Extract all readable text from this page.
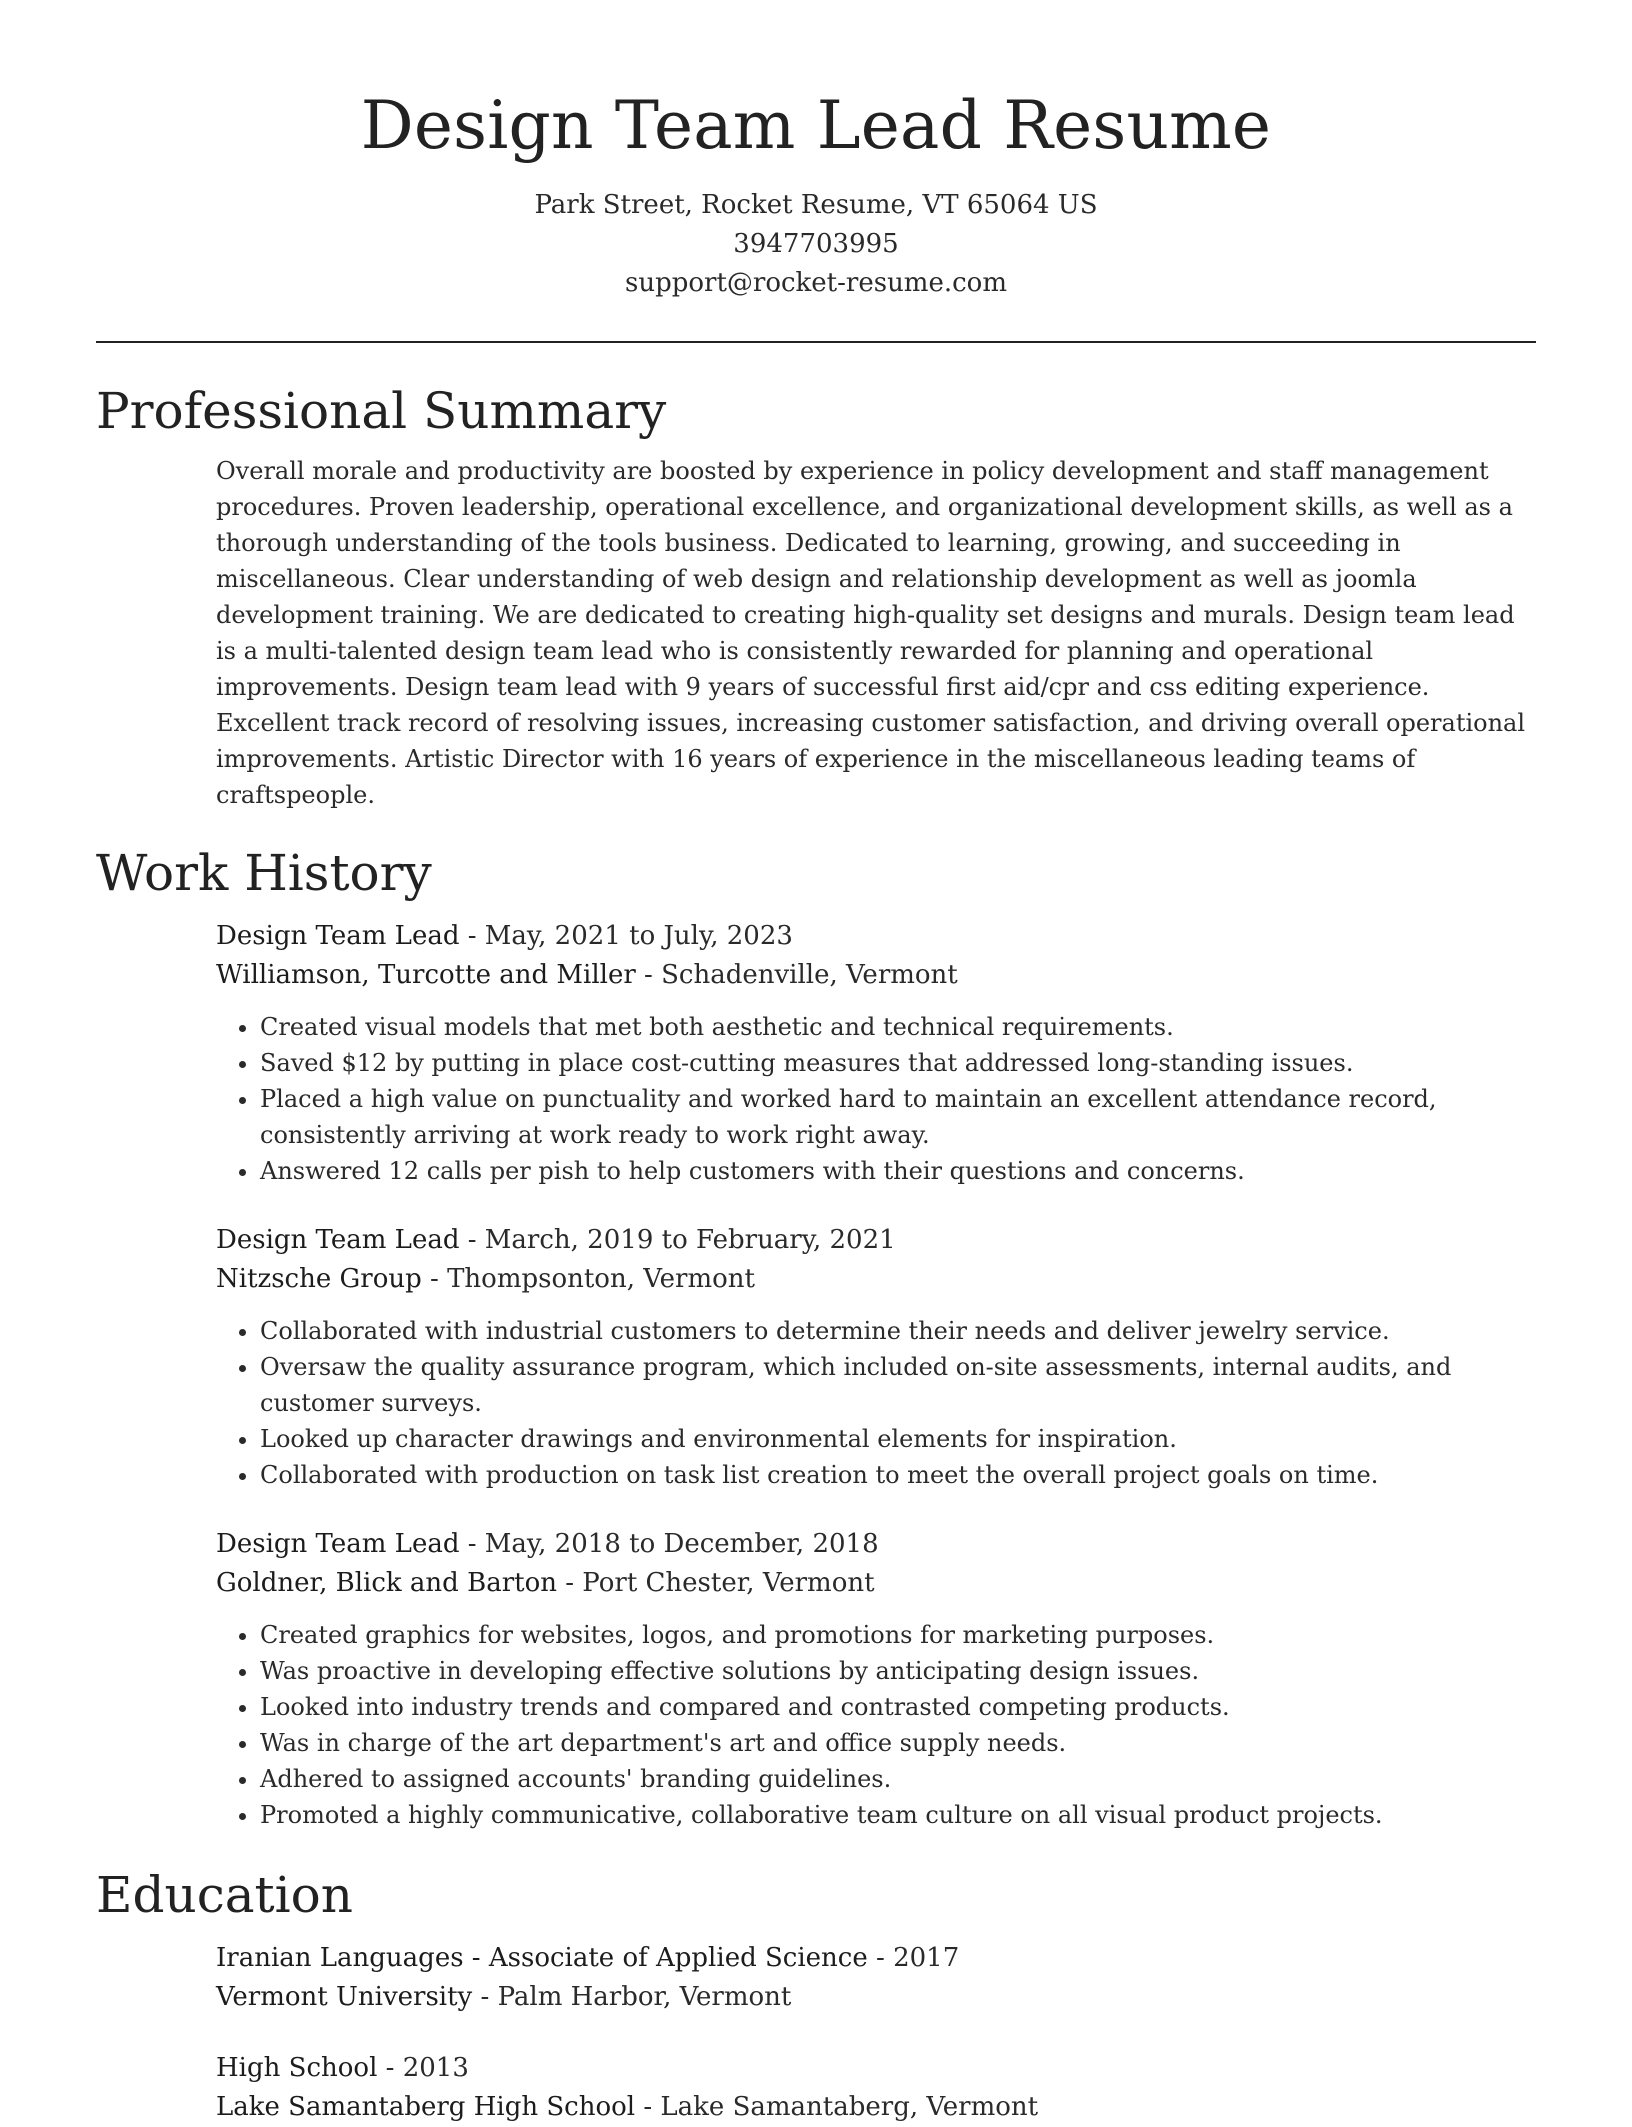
Design Team Lead Resume
Park Street, Rocket Resume, VT 65064 US
3947703995
support@rocket-resume.com
Professional Summary

Overall morale and productivity are boosted by experience in policy development and staff management procedures. Proven leadership, operational excellence, and organizational development skills, as well as a thorough understanding of the tools business. Dedicated to learning, growing, and succeeding in miscellaneous. Clear understanding of web design and relationship development as well as joomla development training. We are dedicated to creating high-quality set designs and murals. Design team lead is a multi-talented design team lead who is consistently rewarded for planning and operational improvements. Design team lead with 9 years of successful first aid/cpr and css editing experience. Excellent track record of resolving issues, increasing customer satisfaction, and driving overall operational improvements. Artistic Director with 16 years of experience in the miscellaneous leading teams of craftspeople.

Work History
Design Team Lead - May, 2021 to July, 2023
Williamson, Turcotte and Miller - Schadenville, Vermont
• Created visual models that met both aesthetic and technical requirements.
• Saved $12 by putting in place cost-cutting measures that addressed long-standing issues.
• Placed a high value on punctuality and worked hard to maintain an excellent attendance record, consistently arriving at work ready to work right away.
• Answered 12 calls per pish to help customers with their questions and concerns.
Design Team Lead - March, 2019 to February, 2021
Nitzsche Group - Thompsonton, Vermont
• Collaborated with industrial customers to determine their needs and deliver jewelry service.
• Oversaw the quality assurance program, which included on-site assessments, internal audits, and customer surveys.
• Looked up character drawings and environmental elements for inspiration.
• Collaborated with production on task list creation to meet the overall project goals on time.
Design Team Lead - May, 2018 to December, 2018
Goldner, Blick and Barton - Port Chester, Vermont
• Created graphics for websites, logos, and promotions for marketing purposes.
• Was proactive in developing effective solutions by anticipating design issues.
• Looked into industry trends and compared and contrasted competing products.
• Was in charge of the art department's art and office supply needs.
• Adhered to assigned accounts' branding guidelines.
• Promoted a highly communicative, collaborative team culture on all visual product projects.
Education
Iranian Languages - Associate of Applied Science - 2017
Vermont University - Palm Harbor, Vermont
High School - 2013
Lake Samantaberg High School - Lake Samantaberg, Vermont
